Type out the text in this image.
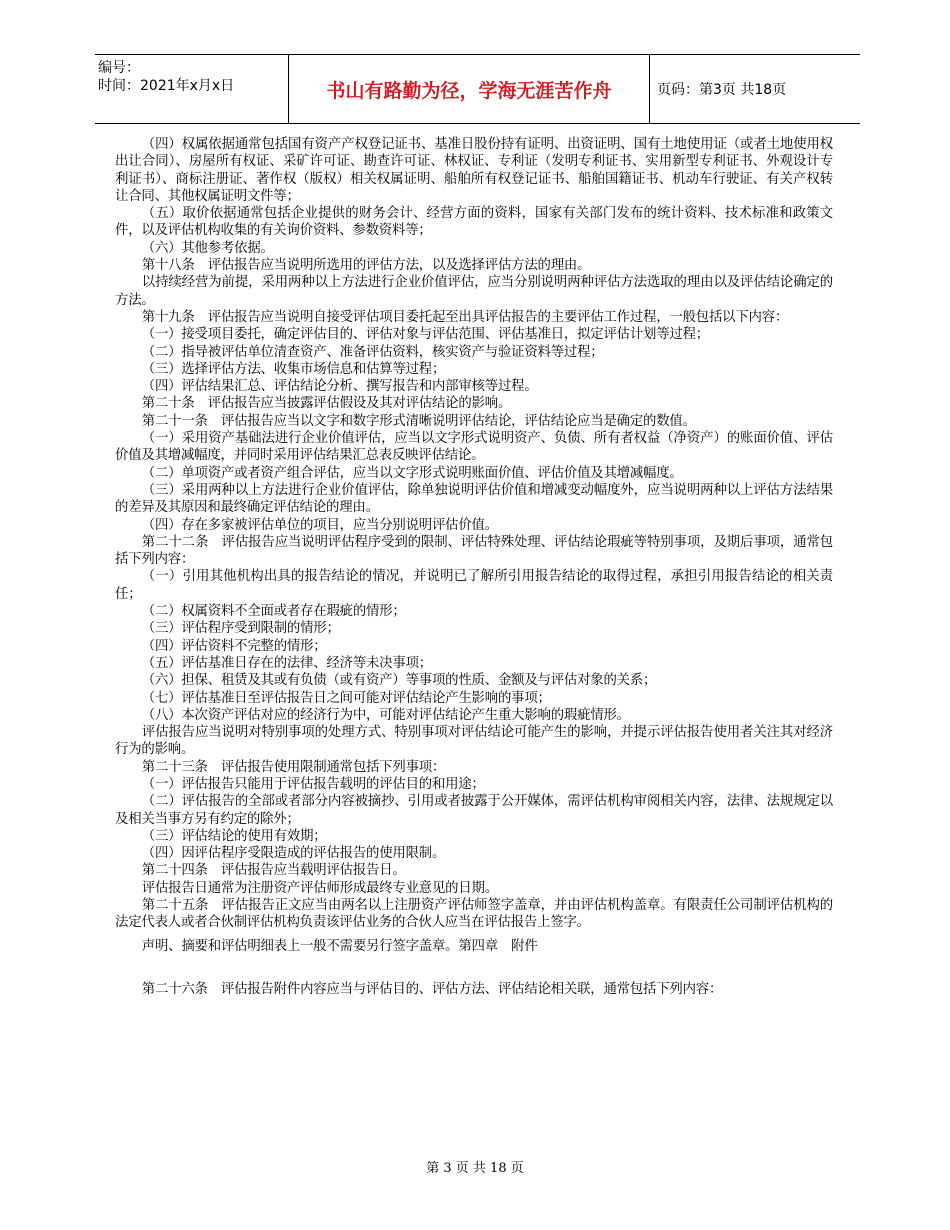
编号：
时间：2021年x月x日	书山有路勤为径，学海无涯苦作舟	页码：第3页 共18页

（四）权属依据通常包括国有资产产权登记证书、基准日股份持有证明、出资证明、国有土地使用证（或者土地使用权出让合同）、房屋所有权证、采矿许可证、勘查许可证、林权证、专利证（发明专利证书、实用新型专利证书、外观设计专利证书）、商标注册证、著作权（版权）相关权属证明、船舶所有权登记证书、船舶国籍证书、机动车行驶证、有关产权转让合同、其他权属证明文件等；

（五）取价依据通常包括企业提供的财务会计、经营方面的资料，国家有关部门发布的统计资料、技术标准和政策文件，以及评估机构收集的有关询价资料、参数资料等；

（六）其他参考依据。

第十八条　评估报告应当说明所选用的评估方法，以及选择评估方法的理由。

以持续经营为前提，采用两种以上方法进行企业价值评估，应当分别说明两种评估方法选取的理由以及评估结论确定的方法。

第十九条　评估报告应当说明自接受评估项目委托起至出具评估报告的主要评估工作过程，一般包括以下内容：

（一）接受项目委托，确定评估目的、评估对象与评估范围、评估基准日，拟定评估计划等过程；

（二）指导被评估单位清查资产、准备评估资料，核实资产与验证资料等过程；

（三）选择评估方法、收集市场信息和估算等过程；

（四）评估结果汇总、评估结论分析、撰写报告和内部审核等过程。

第二十条　评估报告应当披露评估假设及其对评估结论的影响。

第二十一条　评估报告应当以文字和数字形式清晰说明评估结论，评估结论应当是确定的数值。

（一）采用资产基础法进行企业价值评估，应当以文字形式说明资产、负债、所有者权益（净资产）的账面价值、评估价值及其增减幅度，并同时采用评估结果汇总表反映评估结论。

（二）单项资产或者资产组合评估，应当以文字形式说明账面价值、评估价值及其增减幅度。

（三）采用两种以上方法进行企业价值评估，除单独说明评估价值和增减变动幅度外，应当说明两种以上评估方法结果的差异及其原因和最终确定评估结论的理由。

（四）存在多家被评估单位的项目，应当分别说明评估价值。

第二十二条　评估报告应当说明评估程序受到的限制、评估特殊处理、评估结论瑕疵等特别事项，及期后事项，通常包括下列内容：

（一）引用其他机构出具的报告结论的情况，并说明已了解所引用报告结论的取得过程，承担引用报告结论的相关责任；

（二）权属资料不全面或者存在瑕疵的情形；

（三）评估程序受到限制的情形；

（四）评估资料不完整的情形；

（五）评估基准日存在的法律、经济等未决事项；

（六）担保、租赁及其或有负债（或有资产）等事项的性质、金额及与评估对象的关系；

（七）评估基准日至评估报告日之间可能对评估结论产生影响的事项；

（八）本次资产评估对应的经济行为中，可能对评估结论产生重大影响的瑕疵情形。

评估报告应当说明对特别事项的处理方式、特别事项对评估结论可能产生的影响，并提示评估报告使用者关注其对经济行为的影响。

第二十三条　评估报告使用限制通常包括下列事项：

（一）评估报告只能用于评估报告载明的评估目的和用途；

（二）评估报告的全部或者部分内容被摘抄、引用或者披露于公开媒体，需评估机构审阅相关内容，法律、法规规定以及相关当事方另有约定的除外；

（三）评估结论的使用有效期；

（四）因评估程序受限造成的评估报告的使用限制。

第二十四条　评估报告应当载明评估报告日。

评估报告日通常为注册资产评估师形成最终专业意见的日期。

第二十五条　评估报告正文应当由两名以上注册资产评估师签字盖章，并由评估机构盖章。有限责任公司制评估机构的法定代表人或者合伙制评估机构负责该评估业务的合伙人应当在评估报告上签字。

声明、摘要和评估明细表上一般不需要另行签字盖章。第四章　附件

第二十六条　评估报告附件内容应当与评估目的、评估方法、评估结论相关联，通常包括下列内容：

第 3 页 共 18 页
